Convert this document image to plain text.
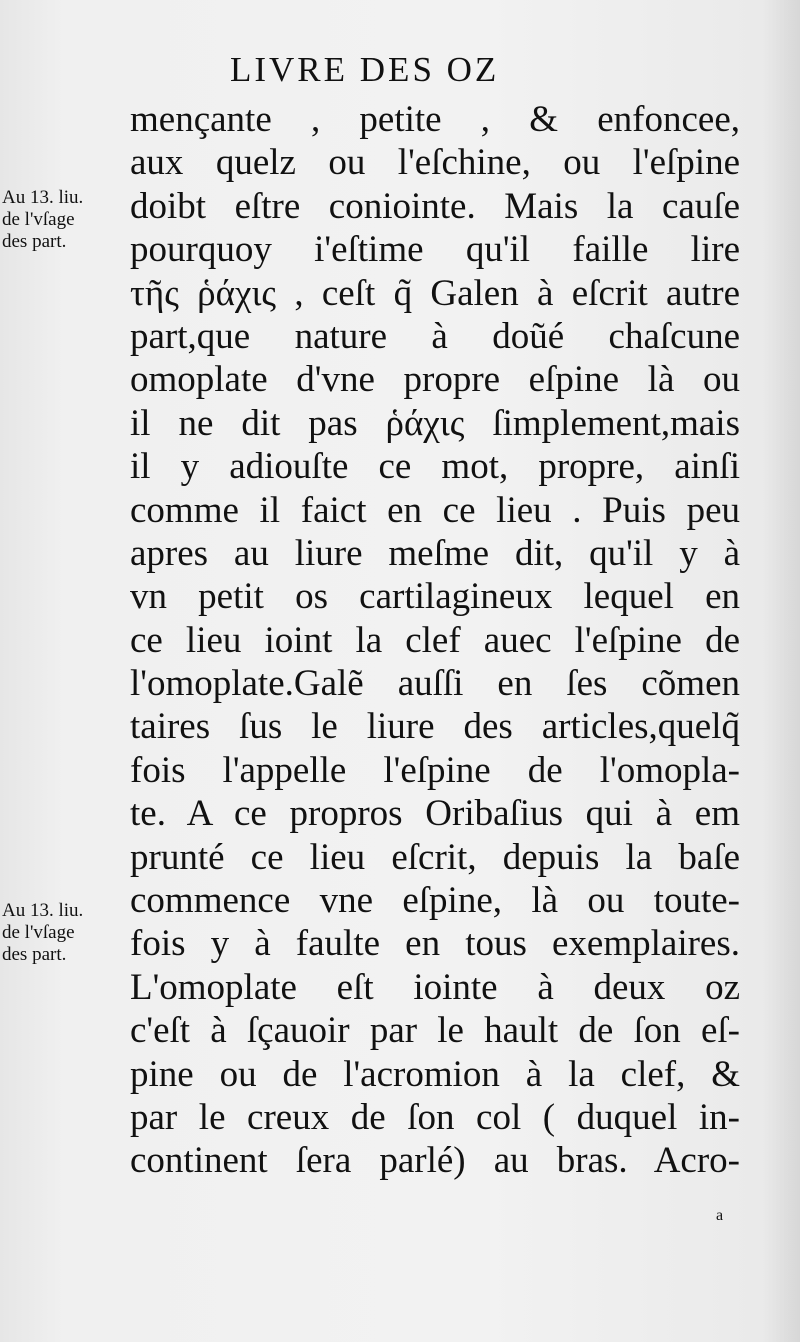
LIVRE DES OZ
Au 13. liu.
de l'vſage
des part.
Au 13. liu.
de l'vſage
des part.
mençante , petite , & enfoncee,
aux quelz ou l'eſchine, ou l'eſpine
doibt eſtre coniointe. Mais la cauſe
pourquoy i'eſtime qu'il faille lire
τῆς ῥάχις , ceſt q̃ Galen à eſcrit autre
part,que nature à doũé chaſcune
omoplate d'vne propre eſpine là ou
il ne dit pas ῥάχις ſimplement,mais
il y adiouſte ce mot, propre, ainſi
comme il faict en ce lieu . Puis peu
apres au liure meſme dit, qu'il y à
vn petit os cartilagineux lequel en
ce lieu ioint la clef auec l'eſpine de
l'omoplate.Galẽ auſſi en ſes cõmen
taires ſus le liure des articles,quelq̃
fois l'appelle l'eſpine de l'omopla-
te. A ce propros Oribaſius qui à em
prunté ce lieu eſcrit, depuis la baſe
commence vne eſpine, là ou toute-
fois y à faulte en tous exemplaires.
L'omoplate eſt iointe à deux oz
c'eſt à ſçauoir par le hault de ſon eſ-
pine ou de l'acromion à la clef, &
par le creux de ſon col ( duquel in-
continent ſera parlé) au bras. Acro-
a
